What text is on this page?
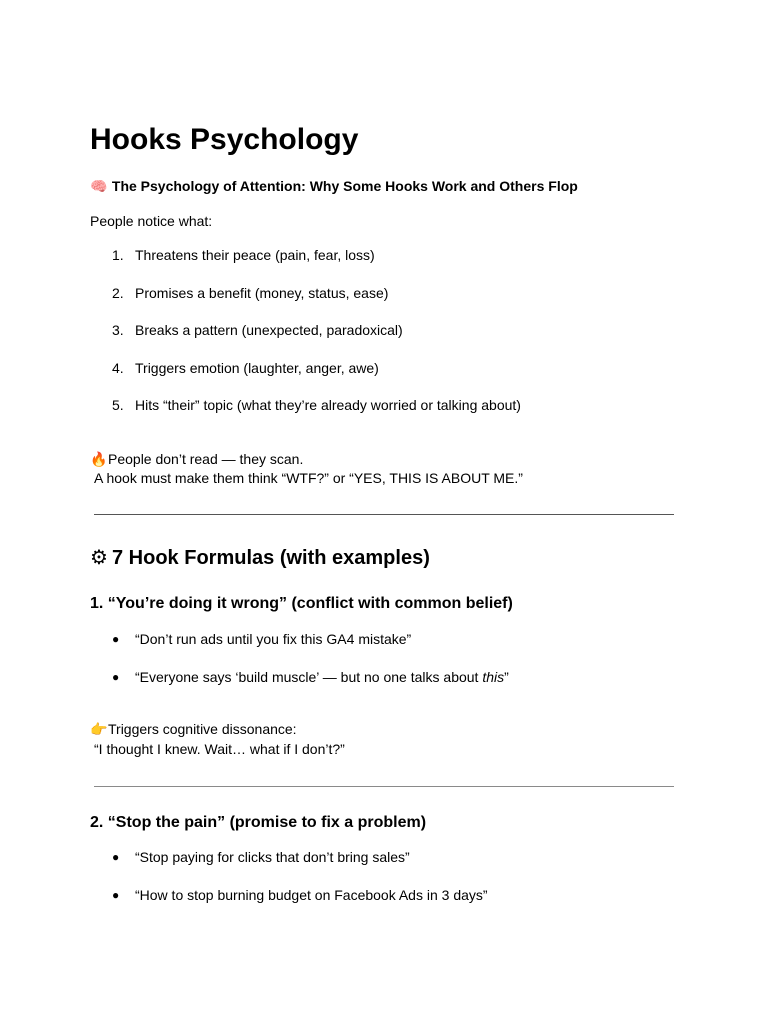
Hooks Psychology
🧠 The Psychology of Attention: Why Some Hooks Work and Others Flop
People notice what:
1. Threatens their peace (pain, fear, loss)
2. Promises a benefit (money, status, ease)
3. Breaks a pattern (unexpected, paradoxical)
4. Triggers emotion (laughter, anger, awe)
5. Hits “their” topic (what they’re already worried or talking about)
🔥People don’t read — they scan.
A hook must make them think “WTF?” or “YES, THIS IS ABOUT ME.”
⚙ 7 Hook Formulas (with examples)
1. “You’re doing it wrong” (conflict with common belief)
● “Don’t run ads until you fix this GA4 mistake”
● “Everyone says ‘build muscle’ — but no one talks about this”
👉Triggers cognitive dissonance:
“I thought I knew. Wait… what if I don’t?”
2. “Stop the pain” (promise to fix a problem)
● “Stop paying for clicks that don’t bring sales”
● “How to stop burning budget on Facebook Ads in 3 days”
